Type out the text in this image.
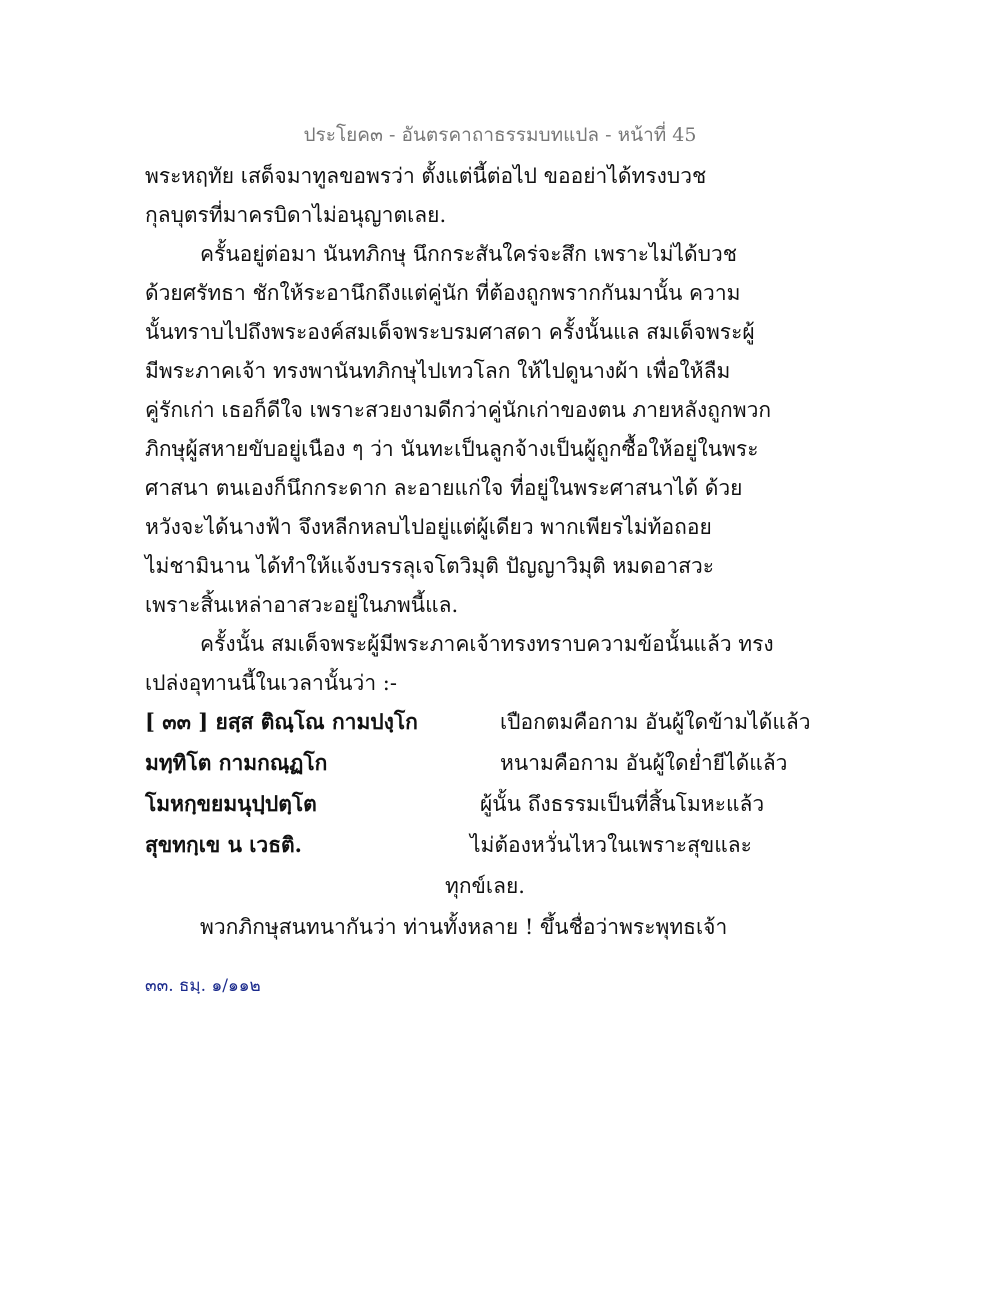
ประโยค๓ - อันตรคาถาธรรมบทแปล - หน้าที่ 45
พระหฤทัย เสด็จมาทูลขอพรว่า ตั้งแต่นี้ต่อไป ขออย่าได้ทรงบวช
กุลบุตรที่มาครบิดาไม่อนุญาตเลย.
ครั้นอยู่ต่อมา นันทภิกษุ นึกกระสันใคร่จะสึก เพราะไม่ได้บวช
ด้วยศรัทธา ชักให้ระอานึกถึงแต่คู่นัก ที่ต้องถูกพรากกันมานั้น ความ
นั้นทราบไปถึงพระองค์สมเด็จพระบรมศาสดา ครั้งนั้นแล สมเด็จพระผู้
มีพระภาคเจ้า ทรงพานันทภิกษุไปเทวโลก ให้ไปดูนางผ้า เพื่อให้ลืม
คู่รักเก่า เธอก็ดีใจ เพราะสวยงามดีกว่าคู่นักเก่าของตน ภายหลังถูกพวก
ภิกษุผู้สหายขับอยู่เนือง ๆ ว่า นันทะเป็นลูกจ้างเป็นผู้ถูกซื้อให้อยู่ในพระ
ศาสนา ตนเองก็นึกกระดาก ละอายแก่ใจ ที่อยู่ในพระศาสนาได้ ด้วย
หวังจะได้นางฟ้า จึงหลีกหลบไปอยู่แต่ผู้เดียว พากเพียรไม่ท้อถอย
ไม่ชามินาน ได้ทำให้แจ้งบรรลุเจโตวิมุติ ปัญญาวิมุติ หมดอาสวะ
เพราะสิ้นเหล่าอาสวะอยู่ในภพนี้แล.
ครั้งนั้น สมเด็จพระผู้มีพระภาคเจ้าทรงทราบความข้อนั้นแล้ว ทรง
เปล่งอุทานนี้ในเวลานั้นว่า :-
[ ๓๓ ] ยสฺส ติณฺโณ กามปงฺโก	เปือกตมคือกาม อันผู้ใดข้ามได้แล้ว
มทฺทิโต กามกณฺฏโก	หนามคือกาม อันผู้ใดย่ำยีได้แล้ว
โมหกฺขยมนุปฺปตฺโต	ผู้นั้น ถึงธรรมเป็นที่สิ้นโมหะแล้ว
สุขทกฺเข น เวธติ.	ไม่ต้องหวั่นไหวในเพราะสุขและ
ทุกข์เลย.
พวกภิกษุสนทนากันว่า ท่านทั้งหลาย ! ขึ้นชื่อว่าพระพุทธเจ้า
๓๓. ธมฺ. ๑/๑๑๒
